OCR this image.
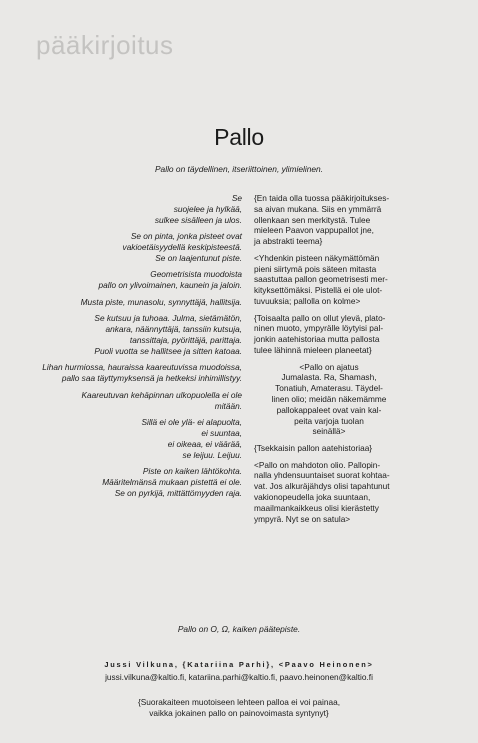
pääkirjoitus
Pallo
Pallo on täydellinen, itseriittoinen, ylimielinen.
Se
suojelee ja hylkää,
sulkee sisälleen ja ulos.
Se on pinta, jonka pisteet ovat
vakioetäisyydellä keskipisteestä.
Se on laajentunut piste.
Geometrisista muodoista
pallo on ylivoimainen, kaunein ja jaloin.
Musta piste, munasolu, synnyttäjä, hallitsija.
Se kutsuu ja tuhoaa. Julma, sietämätön,
ankara, näännyttäjä, tanssiin kutsuja,
tanssittaja, pyörittäjä, parittaja.
Puoli vuotta se hallitsee ja sitten katoaa.
Lihan hurmiossa, hauraissa kaareutuvissa muodoissa,
pallo saa täyttymyksensä ja hetkeksi inhimillistyy.
Kaareutuvan kehäpinnan ulkopuolella ei ole
mitään.
Sillä ei ole ylä- ei alapuolta,
ei suuntaa,
ei oikeaa, ei väärää,
se leijuu. Leijuu.
Piste on kaiken lähtökohta.
Määritelmänsä mukaan pistettä ei ole.
Se on pyrkijä, mittättömyyden raja.
{En taida olla tuossa pääkirjoitukses-
sa aivan mukana. Siis en ymmärrä
ollenkaan sen merkitystä. Tulee
mieleen Paavon vappupallot jne,
ja abstrakti teema}
<Yhdenkin pisteen näkymättömän
pieni siirtymä pois säteen mitasta
saastuttaa pallon geometrisesti mer-
kityksettömäksi. Pistellä ei ole ulot-
tuvuuksia; pallolla on kolme>
{Toisaalta pallo on ollut ylevä, plato-
ninen muoto, ympyrälle löytyisi pal-
jonkin aatehistoriaa mutta pallosta
tulee lähinnä mieleen planeetat}
<Pallo on ajatus
Jumalasta. Ra, Shamash,
Tonatiuh, Amaterasu. Täydel-
linen olio; meidän näkemämme
pallokappaleet ovat vain kal-
peita varjoja tuolan
seinällä>
{Tsekkaisin pallon aatehistoriaa}
<Pallo on mahdoton olio. Pallopin-
nalla yhdensuuntaiset suorat kohtaa-
vat. Jos alkuräjähdys olisi tapahtunut
vakionopeudella joka suuntaan,
maailmankaikkeus olisi kierästetty
ympyrä. Nyt se on satula>
Pallo on O, Ω, kaiken päätepiste.
Jussi Vilkuna, {Katariina Parhi}, <Paavo Heinonen>
jussi.vilkuna@kaltio.fi, katariina.parhi@kaltio.fi, paavo.heinonen@kaltio.fi
{Suorakaiteen muotoiseen lehteen palloa ei voi painaa,
vaikka jokainen pallo on painovoimasta syntynyt}
